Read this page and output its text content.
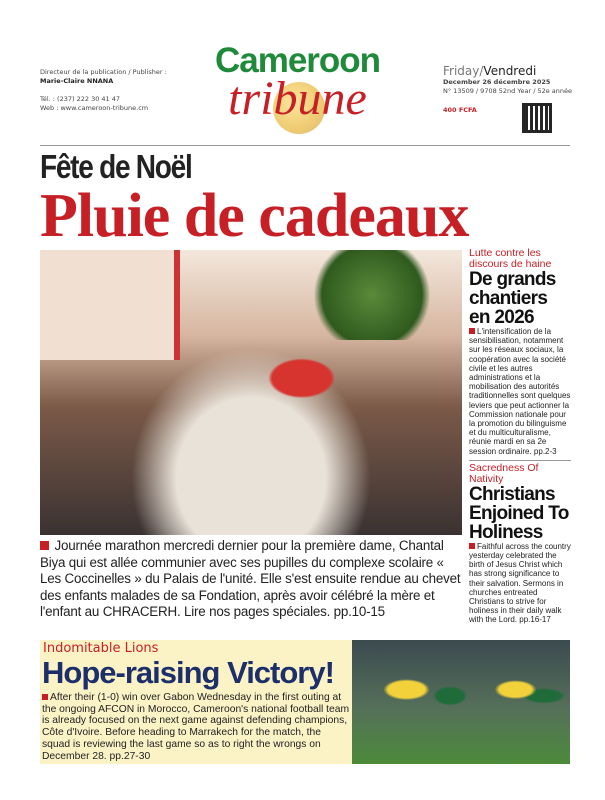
Directeur de la publication / Publisher :
Marie-Claire NNANA
Tél. : (237) 222 30 41 47
Web : www.cameroon-tribune.cm
Cameroon
tribune
Friday/Vendredi
December 26 décembre 2025
N° 13509 / 9708 52nd Year / 52e année
400 FCFA
Fête de Noël
Pluie de cadeaux
Lutte contre les discours de haine
De grands chantiers en 2026
L'intensification de la sensibilisation, notamment sur les réseaux sociaux, la coopération avec la société civile et les autres administrations et la mobilisation des autorités traditionnelles sont quelques leviers que peut actionner la Commission nationale pour la promotion du bilinguisme et du multiculturalisme, réunie mardi en sa 2e session ordinaire. pp.2-3
Sacredness Of Nativity
Christians Enjoined To Holiness
Faithful across the country yesterday celebrated the birth of Jesus Christ which has strong significance to their salvation. Sermons in churches entreated Christians to strive for holiness in their daily walk with the Lord. pp.16-17
Journée marathon mercredi dernier pour la première dame, Chantal Biya qui est allée communier avec ses pupilles du complexe scolaire « Les Coccinelles » du Palais de l'unité. Elle s'est ensuite rendue au chevet des enfants malades de sa Fondation, après avoir célébré la mère et l'enfant au CHRACERH. Lire nos pages spéciales. pp.10-15
Indomitable Lions
Hope-raising Victory!
After their (1-0) win over Gabon Wednesday in the first outing at the ongoing AFCON in Morocco, Cameroon's national football team is already focused on the next game against defending champions, Côte d'Ivoire. Before heading to Marrakech for the match, the squad is reviewing the last game so as to right the wrongs on December 28. pp.27-30
